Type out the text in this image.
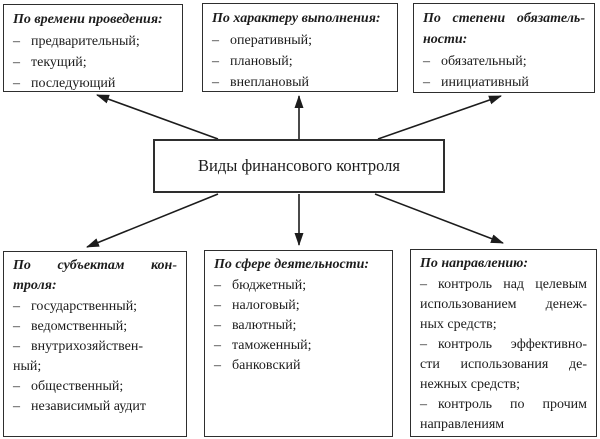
Виды финансового контроля
По времени проведения:
– предварительный;
– текущий;
– последующий
По характеру выполнения:
– оперативный;
– плановый;
– внеплановый
По степени обязатель-
ности:
– обязательный;
– инициативный
По субъектам кон-
троля:
– государственный;
– ведомственный;
– внутрихозяйствен-
ный;
– общественный;
– независимый аудит
По сфере деятельности:
– бюджетный;
– налоговый;
– валютный;
– таможенный;
– банковский
По направлению:
– контроль над целевым
использованием денеж-
ных средств;
– контроль эффективно-
сти использования де-
нежных средств;
– контроль по прочим
направлениям
